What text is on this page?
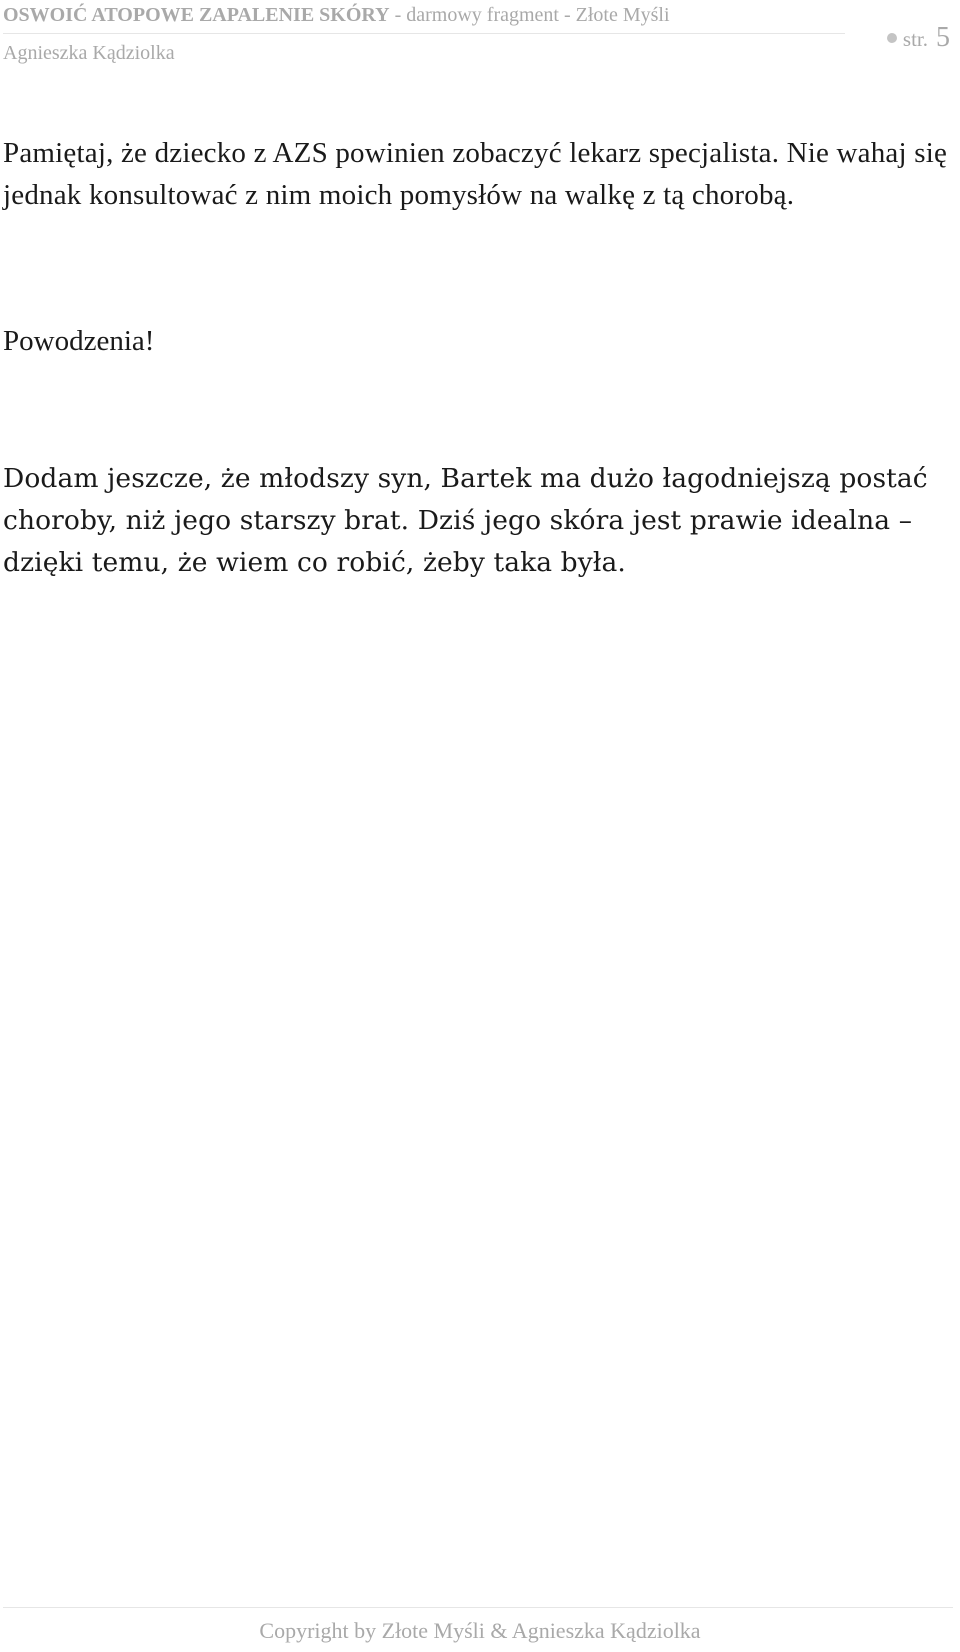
OSWOIĆ ATOPOWE ZAPALENIE SKÓRY - darmowy fragment - Złote Myśli
Agnieszka Kądziolka
str. 5

Pamiętaj, że dziecko z AZS powinien zobaczyć lekarz specjalista. Nie wahaj się jednak konsultować z nim moich pomysłów na walkę z tą chorobą.

Powodzenia!

Dodam jeszcze, że młodszy syn, Bartek ma dużo łagodniejszą postać choroby, niż jego starszy brat. Dziś jego skóra jest prawie idealna – dzięki temu, że wiem co robić, żeby taka była.

Copyright by Złote Myśli & Agnieszka Kądziolka
